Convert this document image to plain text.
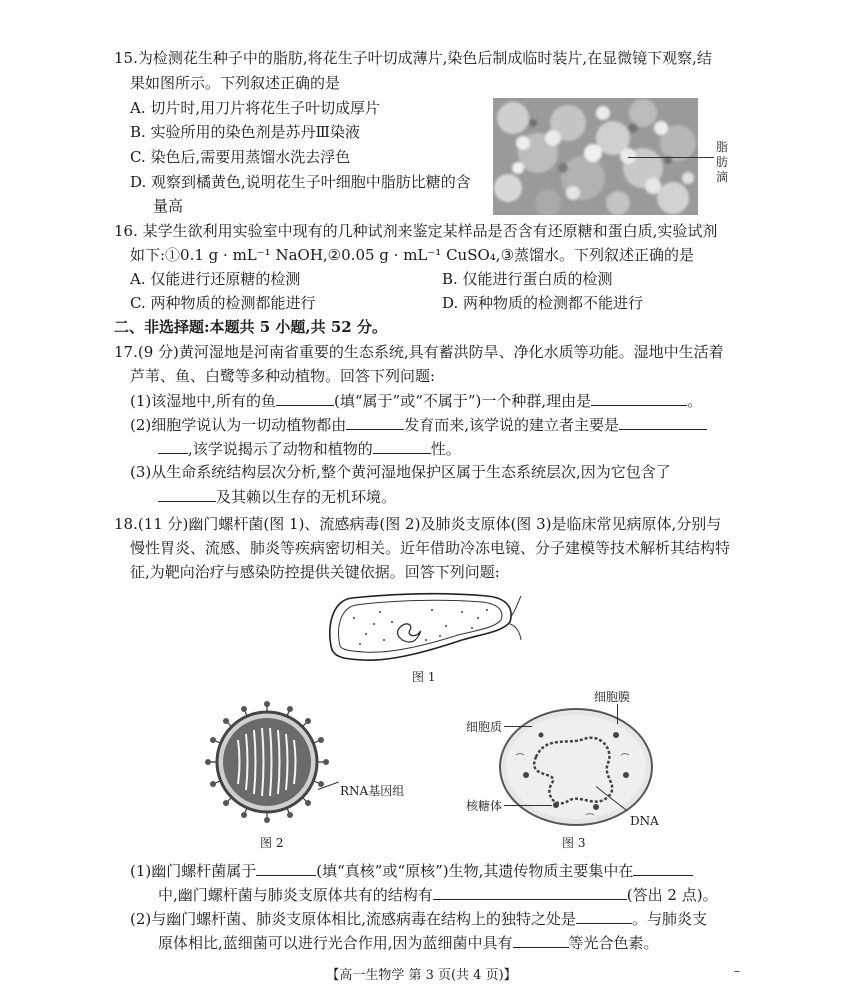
15.为检测花生种子中的脂肪,将花生子叶切成薄片,染色后制成临时装片,在显微镜下观察,结
果如图所示。下列叙述正确的是
A. 切片时,用刀片将花生子叶切成厚片
B. 实验所用的染色剂是苏丹Ⅲ染液
C. 染色后,需要用蒸馏水洗去浮色
D. 观察到橘黄色,说明花生子叶细胞中脂肪比糖的含
量高
脂
肪
滴
16. 某学生欲利用实验室中现有的几种试剂来鉴定某样品是否含有还原糖和蛋白质,实验试剂
如下:①0.1 g · mL⁻¹ NaOH,②0.05 g · mL⁻¹ CuSO₄,③蒸馏水。下列叙述正确的是
A. 仅能进行还原糖的检测	B. 仅能进行蛋白质的检测
C. 两种物质的检测都能进行	D. 两种物质的检测都不能进行
二、非选择题:本题共 5 小题,共 52 分。
17.(9 分)黄河湿地是河南省重要的生态系统,具有蓄洪防旱、净化水质等功能。湿地中生活着
芦苇、鱼、白鹭等多种动植物。回答下列问题:
(1)该湿地中,所有的鱼	(填“属于”或“不属于”)一个种群,理由是	。
(2)细胞学说认为一切动植物都由	发育而来,该学说的建立者主要是
,该学说揭示了动物和植物的	性。
(3)从生命系统结构层次分析,整个黄河湿地保护区属于生态系统层次,因为它包含了
及其赖以生存的无机环境。
18.(11 分)幽门螺杆菌(图 1)、流感病毒(图 2)及肺炎支原体(图 3)是临床常见病原体,分别与
慢性胃炎、流感、肺炎等疾病密切相关。近年借助冷冻电镜、分子建模等技术解析其结构特
征,为靶向治疗与感染防控提供关键依据。回答下列问题:
图 1
RNA基因组
图 2
细胞膜
细胞质
核糖体
DNA
图 3
(1)幽门螺杆菌属于	(填“真核”或“原核”)生物,其遗传物质主要集中在
中,幽门螺杆菌与肺炎支原体共有的结构有	(答出 2 点)。
(2)与幽门螺杆菌、肺炎支原体相比,流感病毒在结构上的独特之处是	。与肺炎支
原体相比,蓝细菌可以进行光合作用,因为蓝细菌中具有	等光合色素。
【高一生物学 第 3 页(共 4 页)】	–
